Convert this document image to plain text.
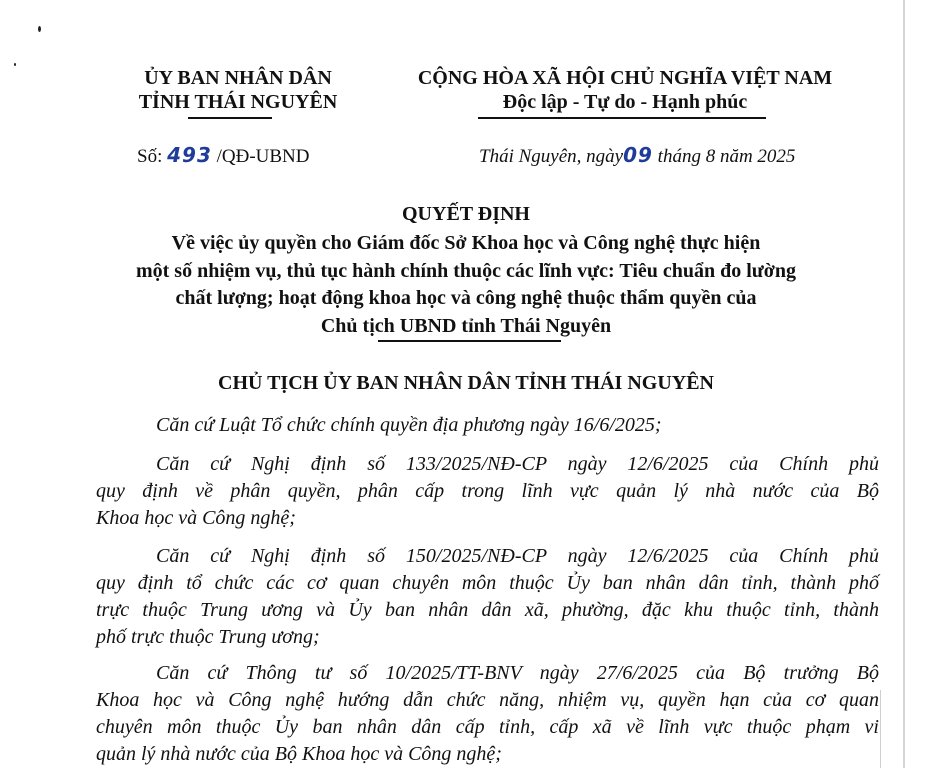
ỦY BAN NHÂN DÂN
TỈNH THÁI NGUYÊN
CỘNG HÒA XÃ HỘI CHỦ NGHĨA VIỆT NAM
Độc lập - Tự do - Hạnh phúc
Số: 493 /QĐ-UBND	Thái Nguyên, ngày09 tháng 8 năm 2025
QUYẾT ĐỊNH
Về việc ủy quyền cho Giám đốc Sở Khoa học và Công nghệ thực hiện
một số nhiệm vụ, thủ tục hành chính thuộc các lĩnh vực: Tiêu chuẩn đo lường
chất lượng; hoạt động khoa học và công nghệ thuộc thẩm quyền của
Chủ tịch UBND tỉnh Thái Nguyên
CHỦ TỊCH ỦY BAN NHÂN DÂN TỈNH THÁI NGUYÊN

Căn cứ Luật Tổ chức chính quyền địa phương ngày 16/6/2025;

Căn cứ Nghị định số 133/2025/NĐ-CP ngày 12/6/2025 của Chính phủ
quy định về phân quyền, phân cấp trong lĩnh vực quản lý nhà nước của Bộ
Khoa học và Công nghệ;

Căn cứ Nghị định số 150/2025/NĐ-CP ngày 12/6/2025 của Chính phủ
quy định tổ chức các cơ quan chuyên môn thuộc Ủy ban nhân dân tỉnh, thành phố
trực thuộc Trung ương và Ủy ban nhân dân xã, phường, đặc khu thuộc tỉnh, thành
phố trực thuộc Trung ương;

Căn cứ Thông tư số 10/2025/TT-BNV ngày 27/6/2025 của Bộ trưởng Bộ
Khoa học và Công nghệ hướng dẫn chức năng, nhiệm vụ, quyền hạn của cơ quan
chuyên môn thuộc Ủy ban nhân dân cấp tỉnh, cấp xã về lĩnh vực thuộc phạm vi
quản lý nhà nước của Bộ Khoa học và Công nghệ;
